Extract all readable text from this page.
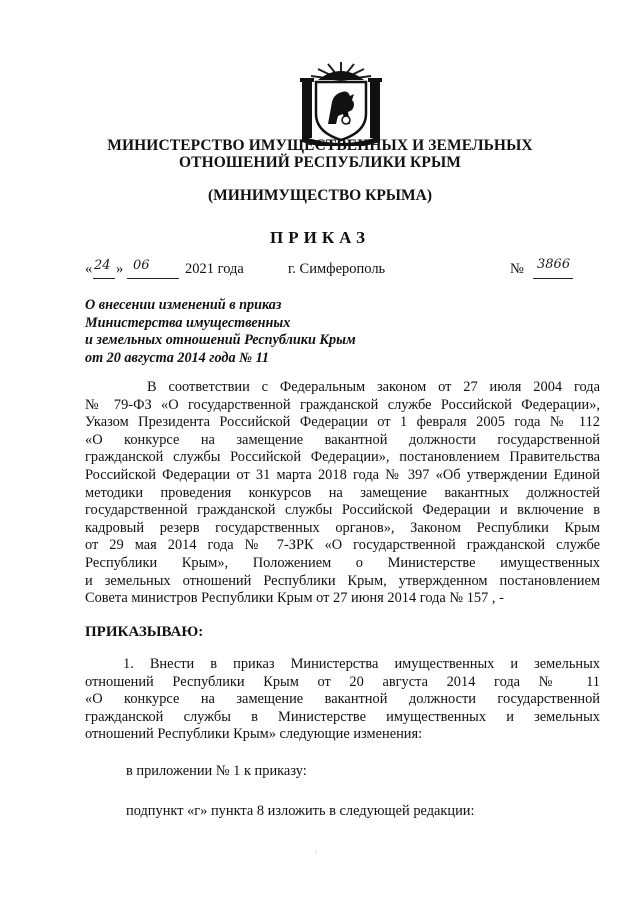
МИНИСТЕРСТВО ИМУЩЕСТВЕННЫХ И ЗЕМЕЛЬНЫХ
ОТНОШЕНИЙ РЕСПУБЛИКИ КРЫМ
(МИНИМУЩЕСТВО КРЫМА)
ПРИКАЗ
« 24 » 06 2021 года	г. Симферополь	№ 3866
О внесении изменений в приказ
Министерства имущественных
и земельных отношений Республики Крым
от 20 августа 2014 года № 11
В соответствии с Федеральным законом от 27 июля 2004 года
№ 79-ФЗ «О государственной гражданской службе Российской Федерации»,
Указом Президента Российской Федерации от 1 февраля 2005 года № 112
«О конкурсе на замещение вакантной должности государственной
гражданской службы Российской Федерации», постановлением Правительства
Российской Федерации от 31 марта 2018 года № 397 «Об утверждении Единой
методики проведения конкурсов на замещение вакантных должностей
государственной гражданской службы Российской Федерации и включение в
кадровый резерв государственных органов», Законом Республики Крым
от 29 мая 2014 года № 7-ЗРК «О государственной гражданской службе
Республики Крым», Положением о Министерстве имущественных
и земельных отношений Республики Крым, утвержденном постановлением
Совета министров Республики Крым от 27 июня 2014 года № 157 , -
ПРИКАЗЫВАЮ:
1. Внести в приказ Министерства имущественных и земельных
отношений Республики Крым от 20 августа 2014 года № 11
«О конкурсе на замещение вакантной должности государственной
гражданской службы в Министерстве имущественных и земельных
отношений Республики Крым» следующие изменения:
в приложении № 1 к приказу:
подпункт «г» пункта 8 изложить в следующей редакции:
